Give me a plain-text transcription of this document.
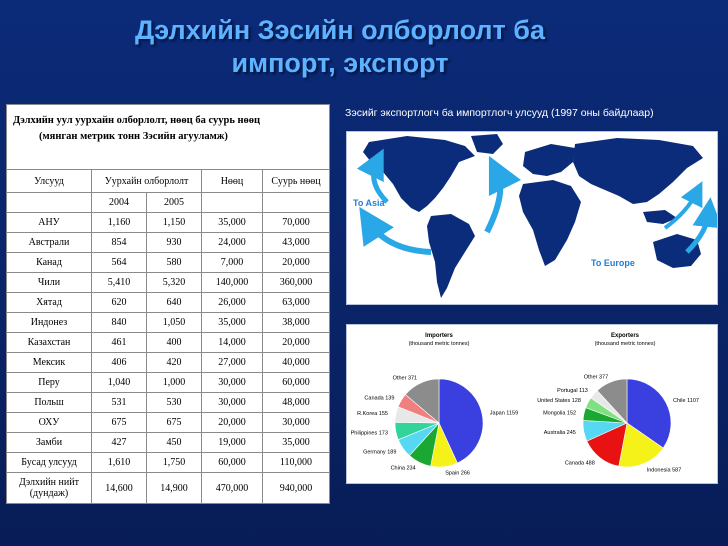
Дэлхийн Зэсийн олборлолт ба
импорт, экспорт
Дэлхийн уул уурхайн олборлолт, нөөц ба суурь нөөц
(мянган метрик тонн Зэсийн агууламж)				

Улсууд	Уурхайн олборлолт		Нөөц	Суурь нөөц
	2004	2005		
АНУ	1,160	1,150	35,000	70,000
Австрали	854	930	24,000	43,000
Канад	564	580	7,000	20,000
Чили	5,410	5,320	140,000	360,000
Хятад	620	640	26,000	63,000
Индонез	840	1,050	35,000	38,000
Казахстан	461	400	14,000	20,000
Мексик	406	420	27,000	40,000
Перу	1,040	1,000	30,000	60,000
Польш	531	530	30,000	48,000
ОХУ	675	675	20,000	30,000
Замби	427	450	19,000	35,000
Бусад улсууд	1,610	1,750	60,000	110,000

Дэлхийн нийт
(дундаж)	14,600	14,900	470,000	940,000
Зэсийг экспортлогч ба импортлогч улсууд (1997 оны байдлаар)
To Asia
To Europe
Importers
(thousand metric tonnes)
Japan 1159
Spain 266
China 234
Germany 189
Philippines 173
R.Korea 155
Canada 139
Other 371
Exporters
(thousand metric tonnes)
Chile 1107
Indonesia 587
Canada 488
Australia 245
Mongolia 152
United States 128
Portugal 113
Other 377
